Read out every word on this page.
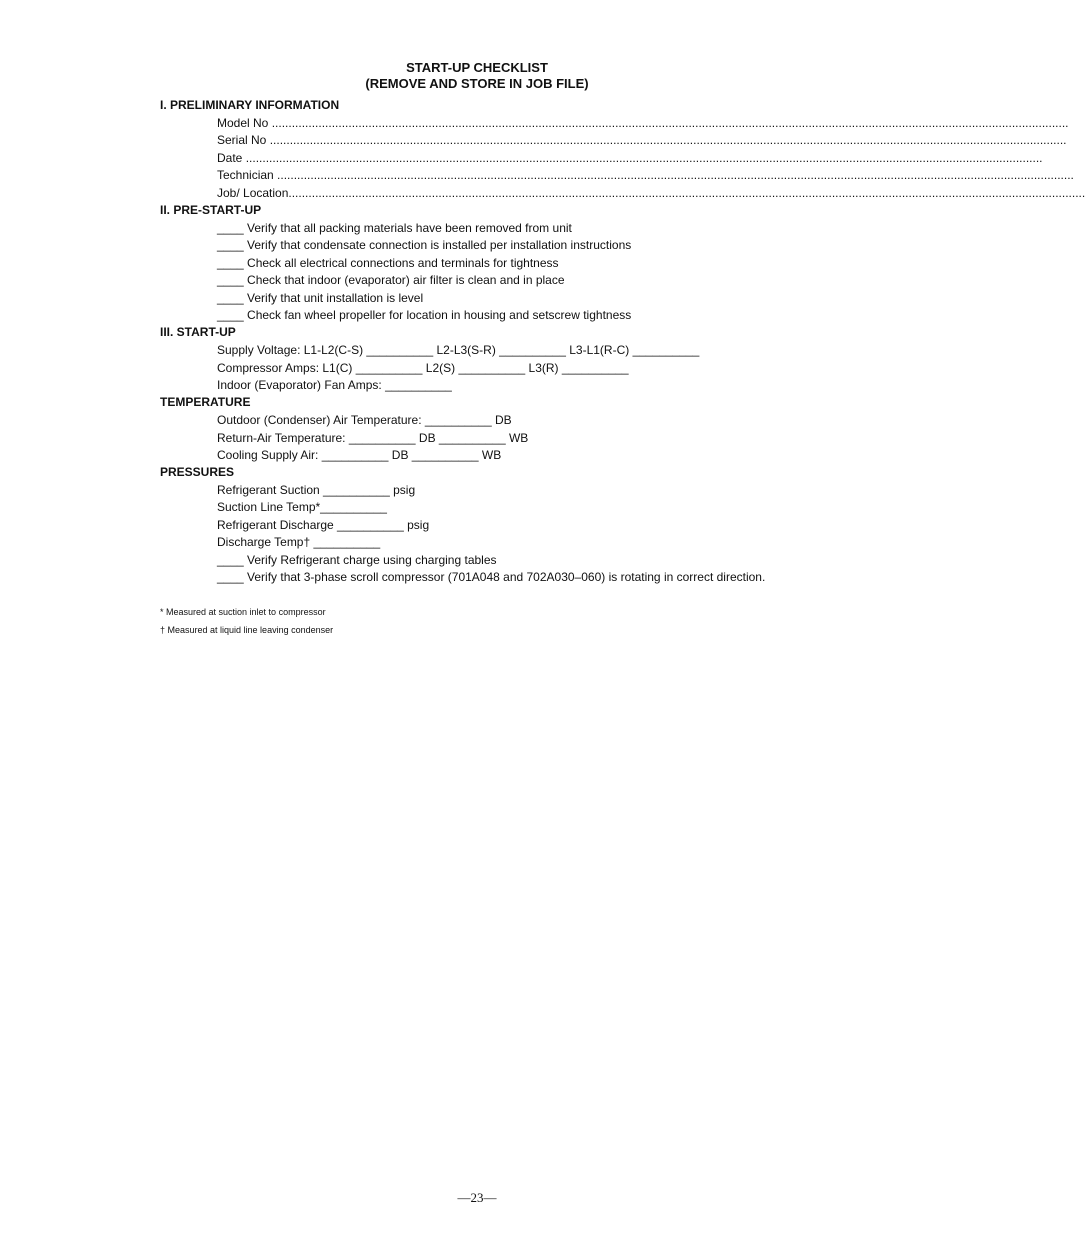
START-UP CHECKLIST
(REMOVE AND STORE IN JOB FILE)
I. PRELIMINARY INFORMATION
Model No ...............................................................................................................................................................................................................................................
Serial No ...............................................................................................................................................................................................................................................
Date ...............................................................................................................................................................................................................................................
Technician ...............................................................................................................................................................................................................................................
Job/ Location...............................................................................................................................................................................................................................................
II. PRE-START-UP
____ Verify that all packing materials have been removed from unit
____ Verify that condensate connection is installed per installation instructions
____ Check all electrical connections and terminals for tightness
____ Check that indoor (evaporator) air filter is clean and in place
____ Verify that unit installation is level
____ Check fan wheel propeller for location in housing and setscrew tightness
III. START-UP
Supply Voltage: L1-L2(C-S) __________ L2-L3(S-R) __________ L3-L1(R-C) __________
Compressor Amps: L1(C) __________ L2(S) __________ L3(R) __________
Indoor (Evaporator) Fan Amps: __________
TEMPERATURE
Outdoor (Condenser) Air Temperature: __________ DB
Return-Air Temperature: __________ DB __________ WB
Cooling Supply Air: __________ DB __________ WB
PRESSURES
Refrigerant Suction __________ psig
Suction Line Temp*__________
Refrigerant Discharge __________ psig
Discharge Temp† __________
____ Verify Refrigerant charge using charging tables
____ Verify that 3-phase scroll compressor (701A048 and 702A030–060) is rotating in correct direction.
* Measured at suction inlet to compressor
† Measured at liquid line leaving condenser
—23—
